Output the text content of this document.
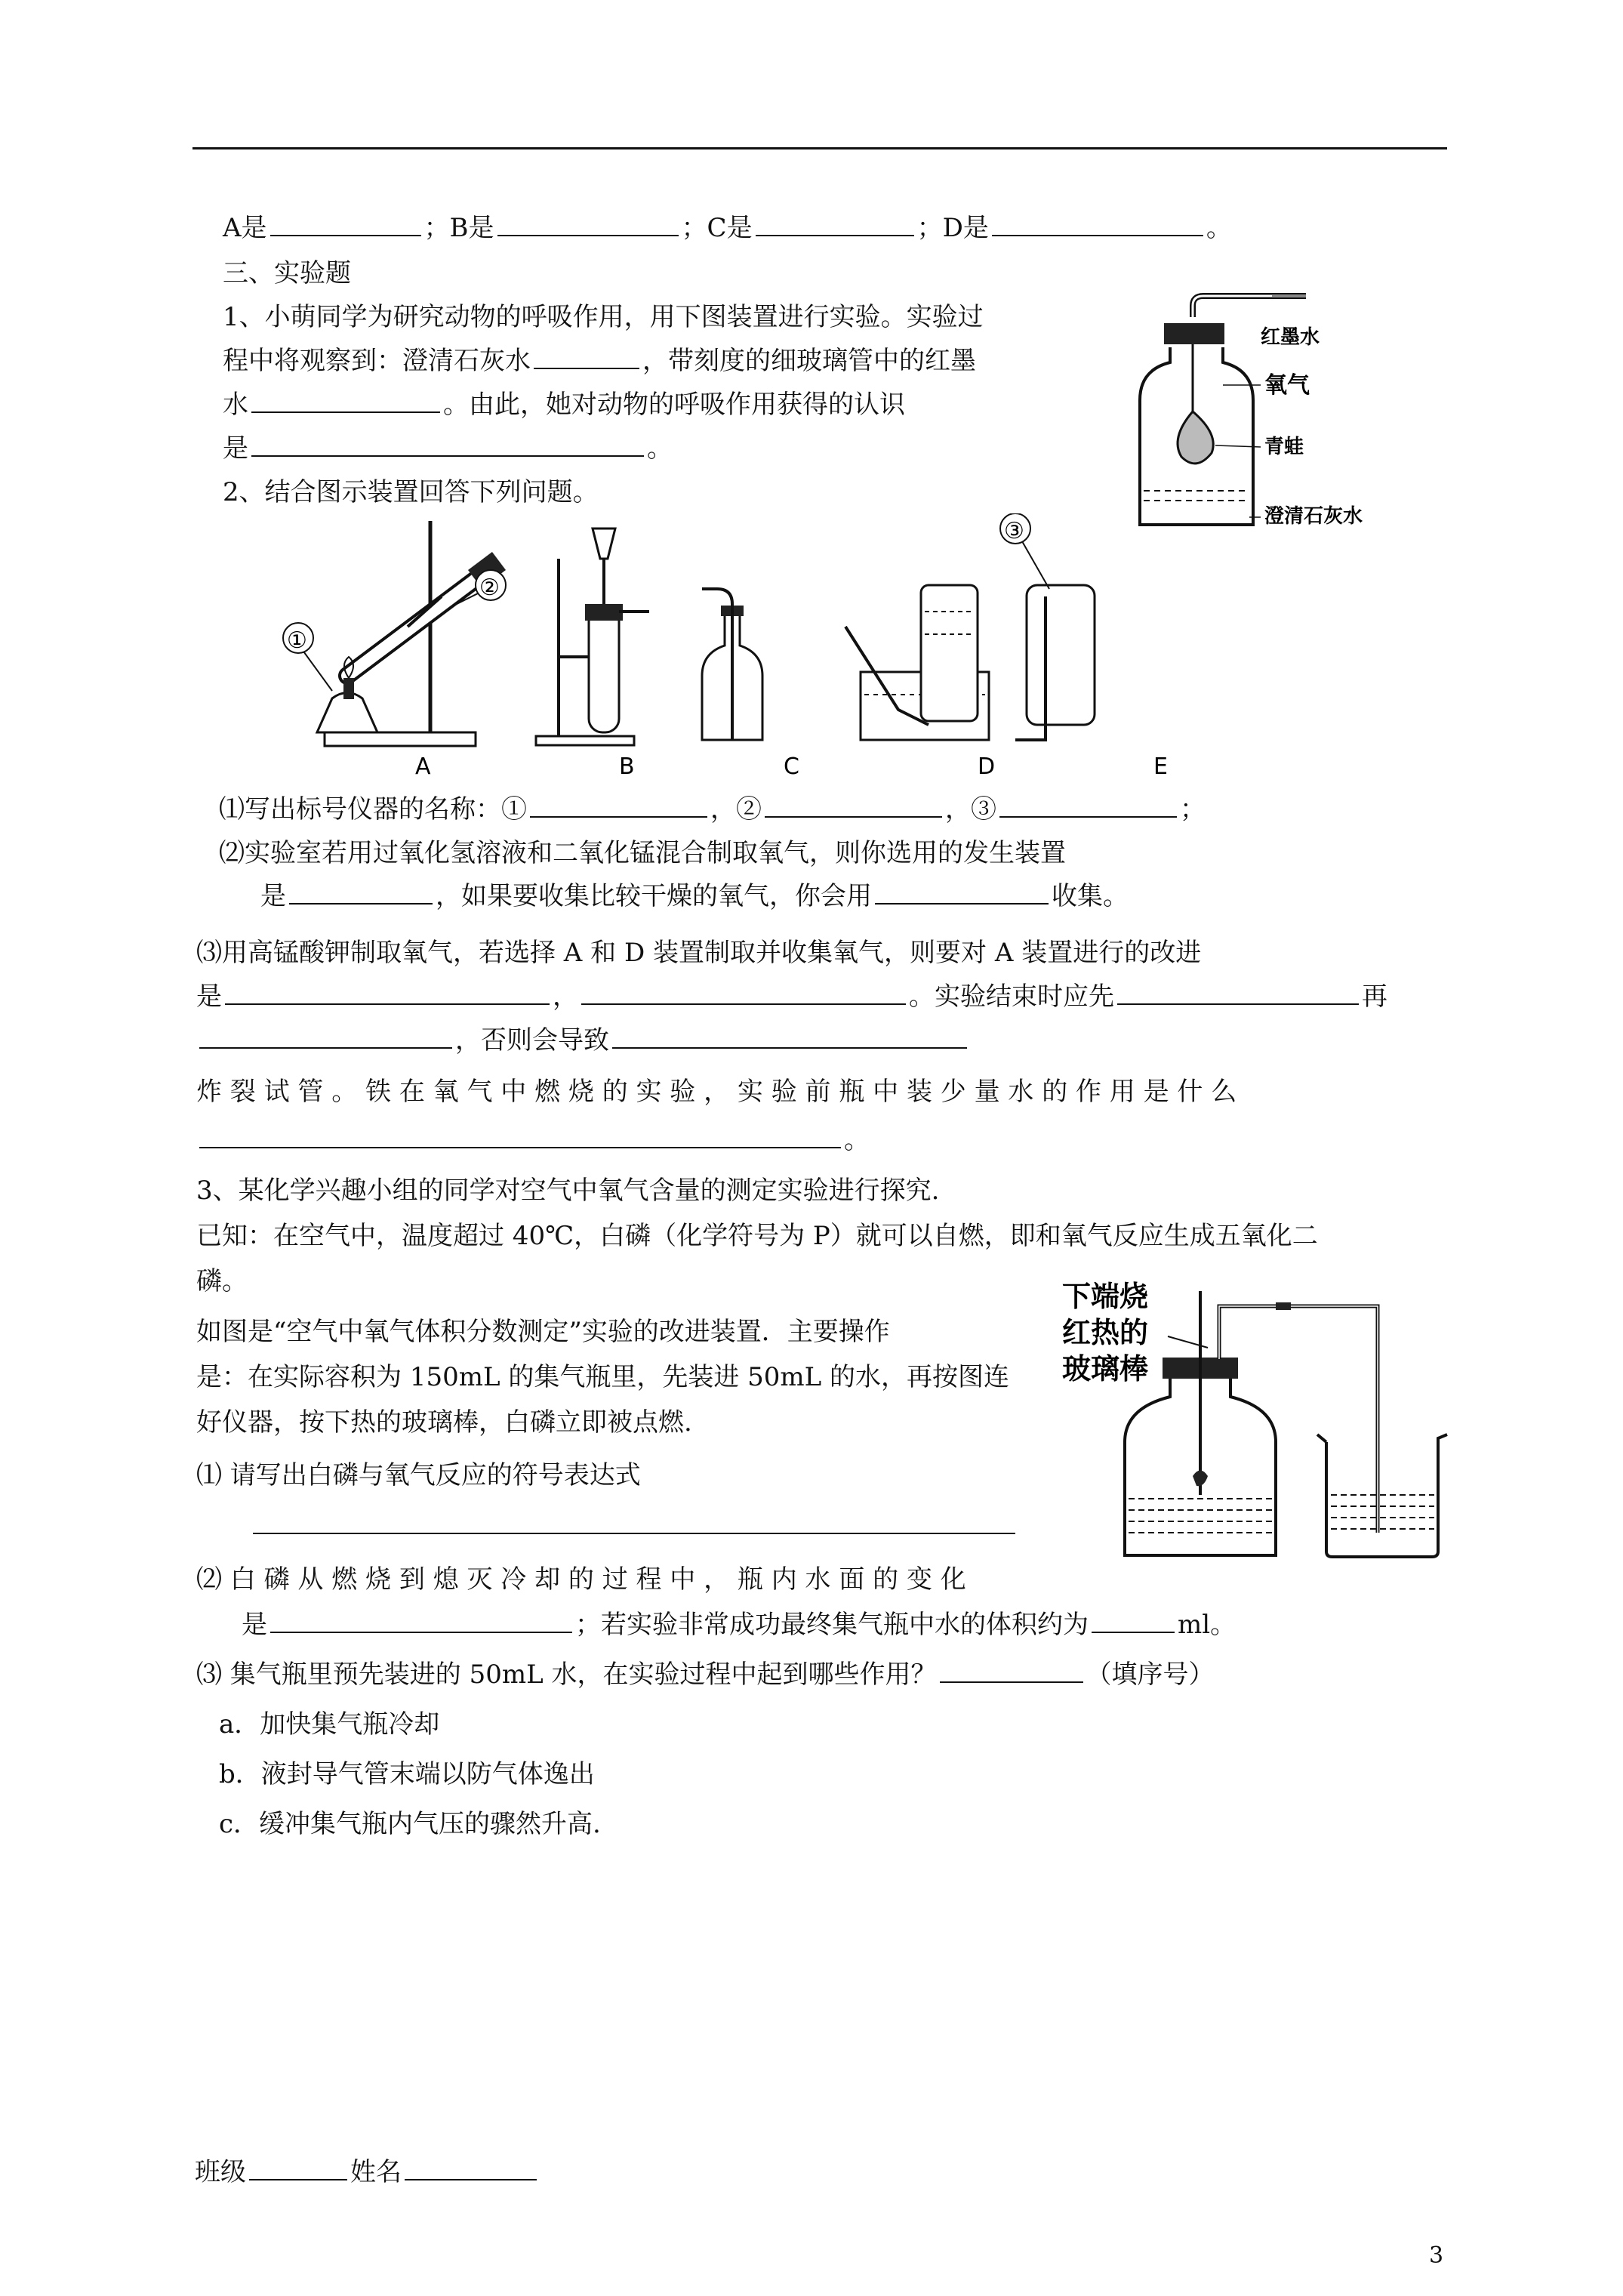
A是	；B是	；C是	；D是	。
三、实验题
1、小萌同学为研究动物的呼吸作用，用下图装置进行实验。实验过
程中将观察到：澄清石灰水	，带刻度的细玻璃管中的红墨
水	。由此，她对动物的呼吸作用获得的认识
是	。
红墨水
氧气
青蛙
澄清石灰水
2、结合图示装置回答下列问题。
①
②
③
A	B	C	D	E
⑴写出标号仪器的名称：①	，②	，③	；
⑵实验室若用过氧化氢溶液和二氧化锰混合制取氧气，则你选用的发生装置
是	，如果要收集比较干燥的氧气，你会用	收集。
⑶用高锰酸钾制取氧气，若选择 A 和 D 装置制取并收集氧气，则要对 A 装置进行的改进
是	，	。实验结束时应先	再
，否则会导致
炸 裂 试 管 。 铁 在 氧 气 中 燃 烧 的 实 验 ， 实 验 前 瓶 中 装 少 量 水 的 作 用 是 什 么
。
3、某化学兴趣小组的同学对空气中氧气含量的测定实验进行探究.
已知：在空气中，温度超过 40℃，白磷（化学符号为 P）就可以自燃，即和氧气反应生成五氧化二
磷。
如图是“空气中氧气体积分数测定”实验的改进装置．主要操作
是：在实际容积为 150mL 的集气瓶里，先装进 50mL 的水，再按图连
好仪器，按下热的玻璃棒，白磷立即被点燃.
⑴ 请写出白磷与氧气反应的符号表达式
⑵ 白 磷 从 燃 烧 到 熄 灭 冷 却 的 过 程 中 ， 瓶 内 水 面 的 变 化
是	；若实验非常成功最终集气瓶中水的体积约为	ml。
⑶ 集气瓶里预先装进的 50mL 水，在实验过程中起到哪些作用？	（填序号）
a．加快集气瓶冷却
b．液封导气管末端以防气体逸出
c．缓冲集气瓶内气压的骤然升高.
下端烧
红热的
玻璃棒
班级	姓名
3
